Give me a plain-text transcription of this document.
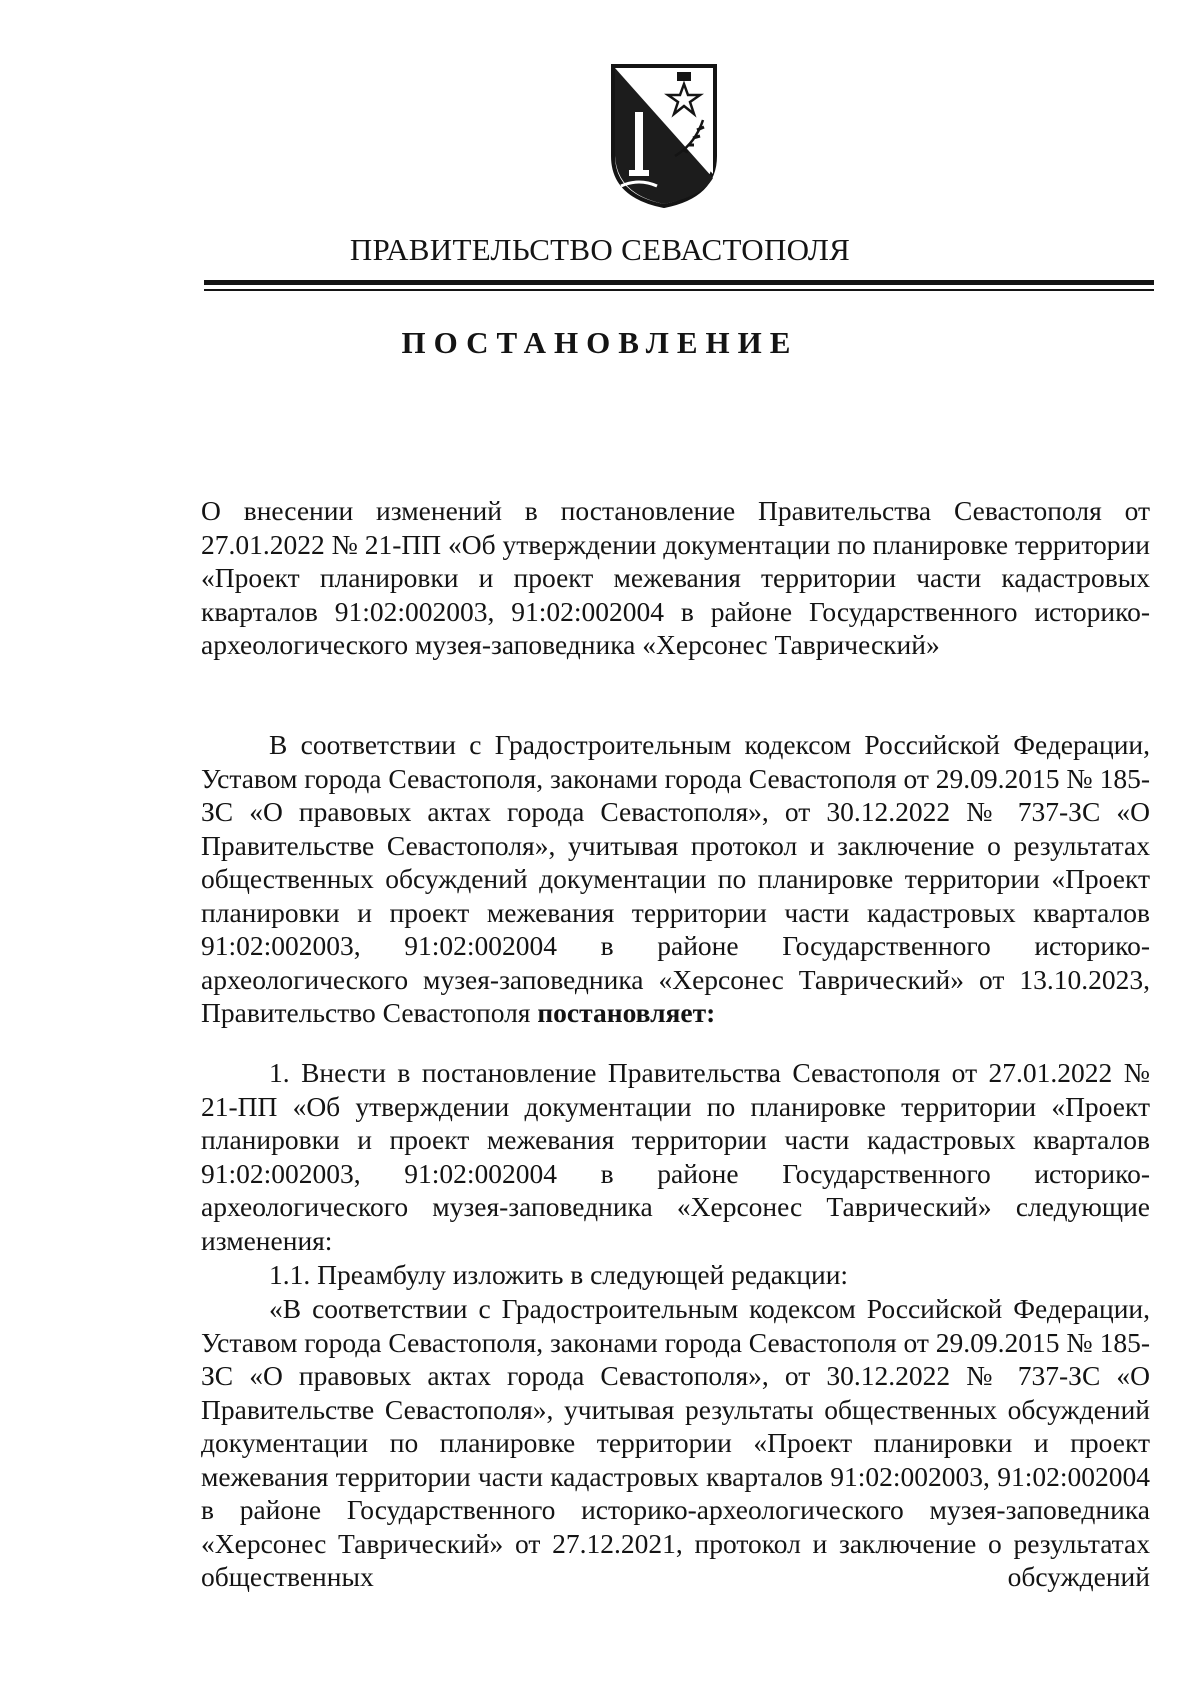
ПРАВИТЕЛЬСТВО СЕВАСТОПОЛЯ
ПОСТАНОВЛЕНИЕ
О внесении изменений в постановление Правительства Севастополя от 27.01.2022 № 21-ПП «Об утверждении документации по планировке территории «Проект планировки и проект межевания территории части кадастровых кварталов 91:02:002003, 91:02:002004 в районе Государственного историко-археологического музея-заповедника «Херсонес Таврический»
В соответствии с Градостроительным кодексом Российской Федерации, Уставом города Севастополя, законами города Севастополя от 29.09.2015 № 185-ЗС «О правовых актах города Севастополя», от 30.12.2022 № 737-ЗС «О Правительстве Севастополя», учитывая протокол и заключение о результатах общественных обсуждений документации по планировке территории «Проект планировки и проект межевания территории части кадастровых кварталов 91:02:002003, 91:02:002004 в районе Государственного историко-археологического музея-заповедника «Херсонес Таврический» от 13.10.2023, Правительство Севастополя постановляет:
1. Внести в постановление Правительства Севастополя от 27.01.2022 № 21-ПП «Об утверждении документации по планировке территории «Проект планировки и проект межевания территории части кадастровых кварталов 91:02:002003, 91:02:002004 в районе Государственного историко-археологического музея-заповедника «Херсонес Таврический» следующие изменения:
1.1. Преамбулу изложить в следующей редакции:
«В соответствии с Градостроительным кодексом Российской Федерации, Уставом города Севастополя, законами города Севастополя от 29.09.2015 № 185-ЗС «О правовых актах города Севастополя», от 30.12.2022 № 737-ЗС «О Правительстве Севастополя», учитывая результаты общественных обсуждений документации по планировке территории «Проект планировки и проект межевания территории части кадастровых кварталов 91:02:002003, 91:02:002004 в районе Государственного историко-археологического музея-заповедника «Херсонес Таврический» от 27.12.2021, протокол и заключение о результатах общественных обсуждений
